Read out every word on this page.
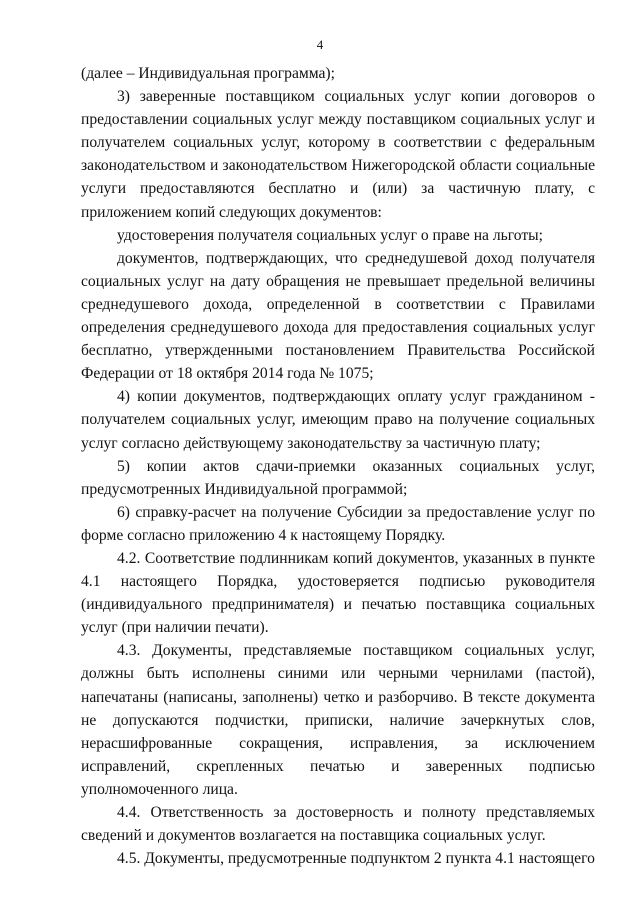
4

(далее – Индивидуальная программа);

3) заверенные поставщиком социальных услуг копии договоров о предоставлении социальных услуг между поставщиком социальных услуг и получателем социальных услуг, которому в соответствии с федеральным законодательством и законодательством Нижегородской области социальные услуги предоставляются бесплатно и (или) за частичную плату, с приложением копий следующих документов:

удостоверения получателя социальных услуг о праве на льготы;

документов, подтверждающих, что среднедушевой доход получателя социальных услуг на дату обращения не превышает предельной величины среднедушевого дохода, определенной в соответствии с Правилами определения среднедушевого дохода для предоставления социальных услуг бесплатно, утвержденными постановлением Правительства Российской Федерации от 18 октября 2014 года № 1075;

4) копии документов, подтверждающих оплату услуг гражданином - получателем социальных услуг, имеющим право на получение социальных услуг согласно действующему законодательству за частичную плату;

5) копии актов сдачи-приемки оказанных социальных услуг, предусмотренных Индивидуальной программой;

6) справку-расчет на получение Субсидии за предоставление услуг по форме согласно приложению 4 к настоящему Порядку.

4.2. Соответствие подлинникам копий документов, указанных в пункте 4.1 настоящего Порядка, удостоверяется подписью руководителя (индивидуального предпринимателя) и печатью поставщика социальных услуг (при наличии печати).

4.3. Документы, представляемые поставщиком социальных услуг, должны быть исполнены синими или черными чернилами (пастой), напечатаны (написаны, заполнены) четко и разборчиво. В тексте документа не допускаются подчистки, приписки, наличие зачеркнутых слов, нерасшифрованные сокращения, исправления, за исключением исправлений, скрепленных печатью и заверенных подписью уполномоченного лица.

4.4. Ответственность за достоверность и полноту представляемых сведений и документов возлагается на поставщика социальных услуг.

4.5. Документы, предусмотренные подпунктом 2 пункта 4.1 настоящего
